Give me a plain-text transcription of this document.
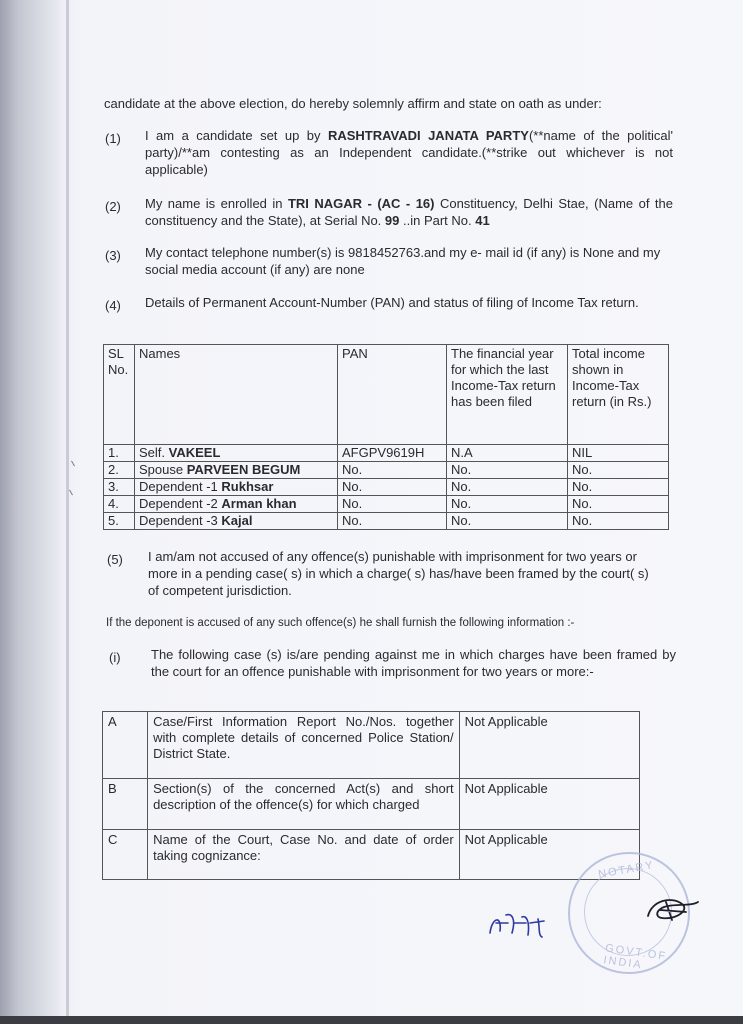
candidate at the above election, do hereby solemnly affirm and state on oath as under:
(1) I am a candidate set up by RASHTRAVADI JANATA PARTY(**name of the political' party)/**am contesting as an Independent candidate.(**strike out whichever is not applicable)
(2) My name is enrolled in TRI NAGAR - (AC - 16) Constituency, Delhi Stae, (Name of the constituency and the State), at Serial No. 99 ..in Part No. 41
(3) My contact telephone number(s) is 9818452763.and my e- mail id (if any) is None and my social media account (if any) are none
(4) Details of Permanent Account-Number (PAN) and status of filing of Income Tax return.
SL No.	Names	PAN	The financial year for which the last Income-Tax return has been filed	Total income shown in Income-Tax return (in Rs.)
1.	Self. VAKEEL	AFGPV9619H	N.A	NIL
2.	Spouse PARVEEN BEGUM	No.	No.	No.
3.	Dependent -1 Rukhsar	No.	No.	No.
4.	Dependent -2 Arman khan	No.	No.	No.
5.	Dependent -3 Kajal	No.	No.	No.
(5) I am/am not accused of any offence(s) punishable with imprisonment for two years or more in a pending case( s) in which a charge( s) has/have been framed by the court( s) of competent jurisdiction.
If the deponent is accused of any such offence(s) he shall furnish the following information :-
(i) The following case (s) is/are pending against me in which charges have been framed by the court for an offence punishable with imprisonment for two years or more:-
A	Case/First Information Report No./Nos. together with complete details of concerned Police Station/ District State.	Not Applicable
B	Section(s) of the concerned Act(s) and short description of the offence(s) for which charged	Not Applicable
C	Name of the Court, Case No. and date of order taking cognizance:	Not Applicable
NOTARY
GOVT.OF INDIA
